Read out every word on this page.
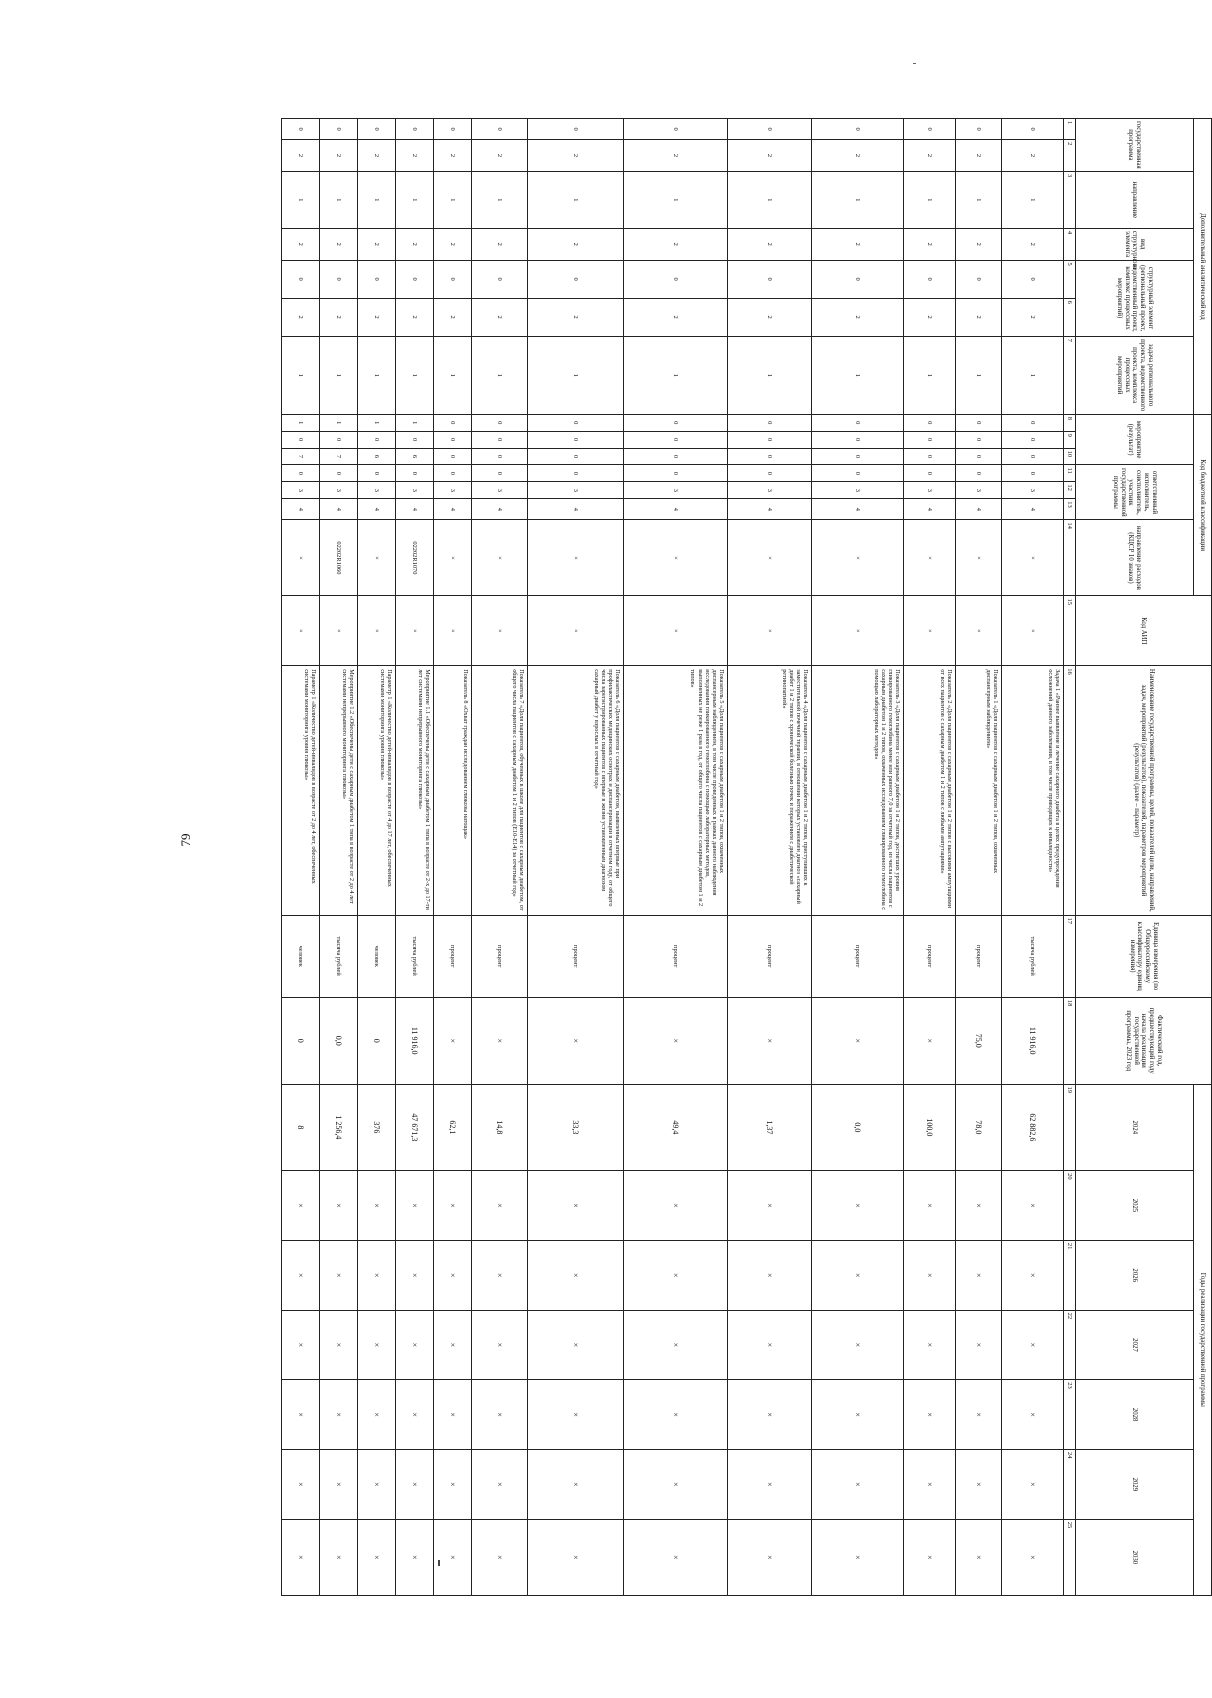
79
Дополнительный аналитический код							Код бюджетной классификации							Код АИП	Наименование государственной программы, целей, показателей цели, направлений, задач, мероприятий (результатов), показателей, параметров мероприятий (результатов) (далее – параметр)	Единица измерения (по Общероссийскому классификатору единиц измерения)	Фактический год, предшествующий году начала реализации государственной программы, 2023 год	Годы реализации государственной программы						
государственная программа		направление	вид структурного элемента	структурный элемент (региональный проект, ведомственный проект, комплекс процессных мероприятий)		задача регионального проекта, ведомственного проекта, комплекса процессных мероприятий	мероприятие (результат)			ответственный исполнитель, соисполнитель, участник государственной программы			направление расходов (КЦСР 10 знаков)					2024	2025	2026	2027	2028	2029	2030
1	2	3	4	5	6	7	8	9	10	11	12	13	14	15	16	17	18	19	20	21	22	23	24	25
0	2	1	2	0	2	1	0	0	0	0	3	4	×	×	Задача 1 «Раннее выявление и лечение сахарного диабета в целях предупреждения осложнений данного заболевания, в том числе приводящих к инвалидности»	тысяча рублей	11 916,0	62 882,6	×	×	×	×	×	×
0	2	1	2	0	2	1	0	0	0	0	3	4	×	×	Показатель 1 «Доля пациентов с сахарным диабетом 1 и 2 типов, охваченных диспансерным наблюдением»	процент	75,0	78,0	×	×	×	×	×	×
0	2	1	2	0	2	1	0	0	0	0	3	4	×	×	Показатель 2 «Доля пациентов с сахарным диабетом 1 и 2 типов с высокими ампутациями от всех пациентов с сахарным диабетом 1 и 2 типов с любыми ампутациями»	процент	×	100,0	×	×	×	×	×	×
0	2	1	2	0	2	1	0	0	0	0	3	4	×	×	Показатель 3 «Доля пациентов с сахарным диабетом 1 и 2 типов, достигших уровня гликированного гемоглобина менее или равного 7,0 за отчетный год, из числа пациентов с сахарным диабетом 1 и 2 типов, охваченных исследованием гликированного гемоглобина с помощью лабораторных методов»	процент	×	0,0	×	×	×	×	×	×
0	2	1	2	0	2	1	0	0	0	0	3	4	×	×	Показатель 4 «Доля пациентов с сахарным диабетом 1 и 2 типов, приступивших к заместительной почечной терапии, в отношении которых установлен диагноз «сахарный диабет 1 и 2 типов с хронической болезнью почек и поражением с диабетической ретинопатией»	процент	×	1,37	×	×	×	×	×	×
0	2	1	2	0	2	1	0	0	0	0	3	4	×	×	Показатель 5 «Доля пациентов с сахарным диабетом 1 и 2 типов, охваченных диспансерным наблюдением, в том числе проведенных в рамках данного наблюдения исследования гликированного гемоглобина с помощью лабораторных методов, выполненных не реже 1 раза в год, от общего числа пациентов с сахарным диабетом 1 и 2 типов»	процент	×	49,4	×	×	×	×	×	×
0	2	1	2	0	2	1	0	0	0	0	3	4	×	×	Показатель 6 «Доля пациентов с сахарным диабетом, выявленных впервые при профилактических медицинских осмотрах и диспансеризации в отчетном году, от общего числа зарегистрированных пациентов с впервые в жизни установленным диагнозом сахарный диабет у взрослых в отчетный год»	процент	×	33,3	×	×	×	×	×	×
0	2	1	2	0	2	1	0	0	0	0	3	4	×	×	Показатель 7 «Доля пациентов, обученных в школе для пациентов с сахарным диабетом, от общего числа пациентов с сахарным диабетом 1 и 2 типов (E10-E14) за отчетный год»	процент	×	14,8	×	×	×	×	×	×
0	2	1	2	0	2	1	0	0	0	0	3	4	×	×	Показатель 8 «Охват граждан исследованием глюкозы натощак»	процент	×	62,1	×	×	×	×	×	×
0	2	1	2	0	2	1	1	0	6	0	3	4	02202R1070	×	Мероприятие 1.1 «Обеспечены дети с сахарным диабетом 1 типа в возрасте от 2-х до 17-ти лет системами непрерывного мониторинга глюкозы»	тысяча рублей	11 916,0	47 671,3	×	×	×	×	×	×
0	2	1	2	0	2	1	1	0	6	0	3	4	×	×	Параметр 1 «Количество детей-инвалидов в возрасте от 4 до 17 лет, обеспеченных системами мониторинга уровня глюкозы»	человек	0	376	×	×	×	×	×	×
0	2	1	2	0	2	1	1	0	7	0	3	4	02202R1060	×	Мероприятие 1.2 «Обеспечены дети с сахарным диабетом 1 типа в возрасте от 2 до 4 лет системами непрерывного мониторинга глюкозы»	тысяча рублей	0,0	1 256,4	×	×	×	×	×	×
0	2	1	2	0	2	1	1	0	7	0	3	4	×	×	Параметр 1 «Количество детей-инвалидов в возрасте от 2 до 4 лет, обеспеченных системами мониторинга уровня глюкозы»	человек	0	8	×	×	×	×	×	×
